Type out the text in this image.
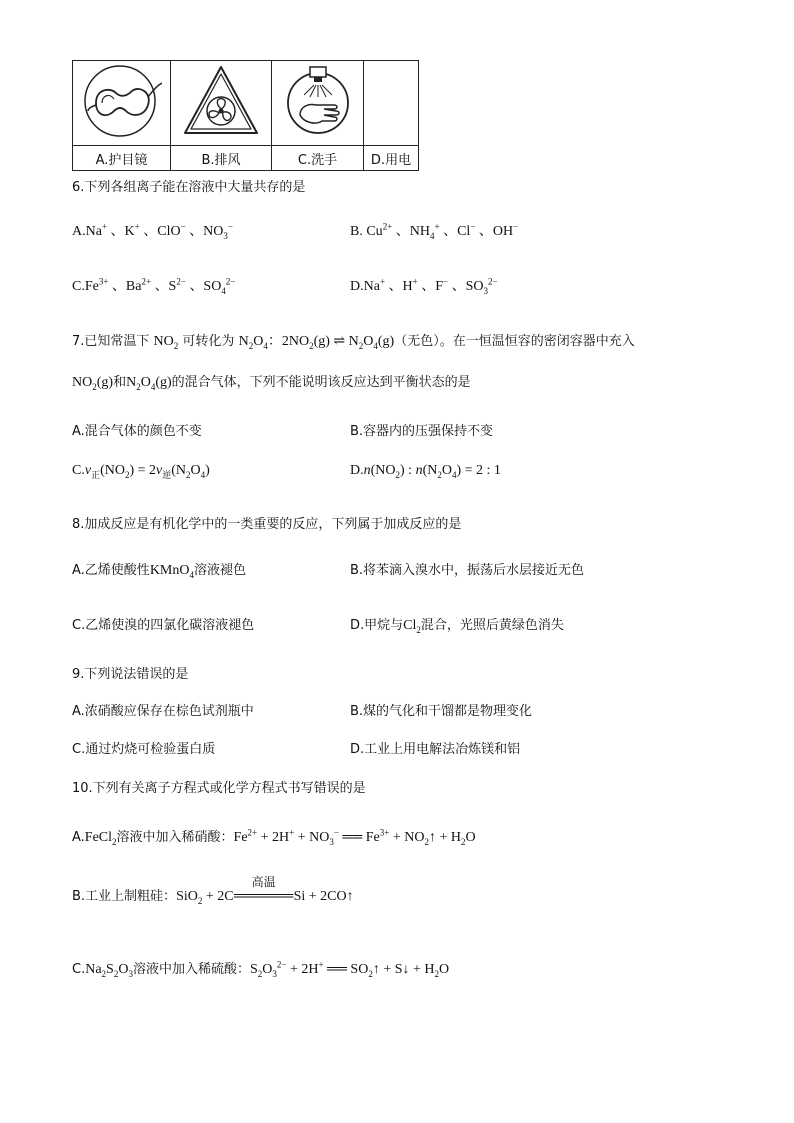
A.护目镜	B.排风	C.洗手	D.用电
6.下列各组离子能在溶液中大量共存的是
A.Na+ 、K+ 、ClO− 、$NO_3^-$	B. $Cu^{2+}$ 、$NH_4^+$ 、Cl− 、OH−
$C.Fe^{3+}$ 、$Ba^{2+}$ 、$S^{2-}$ 、$SO_4^{2-}$	D.Na+ 、H+ 、F− 、$SO_3^{2-}$
7.已知常温下 $NO_2$ 可转化为 $N_2O_4$：$2NO_2(g)$ ⇌ $N_2O_4(g)$（无色）。在一恒温恒容的密闭容器中充入
$NO_2(g)$和$N_2O_4(g)$的混合气体，下列不能说明该反应达到平衡状态的是
A.混合气体的颜色不变	B.容器内的压强保持不变
$C.v_正(NO_2) = 2v_逆(N_2O_4)$	$D.n(NO_2)$ : $n(N_2O_4) = 2$ : 1
8.加成反应是有机化学中的一类重要的反应，下列属于加成反应的是
A.乙烯使酸性KMnO$_4$溶液褪色	B.将苯滴入溴水中，振荡后水层接近无色
C.乙烯使溴的四氯化碳溶液褪色	D.甲烷与$Cl_2$混合，光照后黄绿色消失
9.下列说法错误的是
A.浓硝酸应保存在棕色试剂瓶中	B.煤的气化和干馏都是物理变化
C.通过灼烧可检验蛋白质	D.工业上用电解法冶炼镁和铝
10.下列有关离子方程式或化学方程式书写错误的是
A.FeCl$_2$溶液中加入稀硝酸：$Fe^{2+} + 2H^+ + NO_3^-$ ══ $Fe^{3+}$ + $NO_2↑ + H_2O$
B.工业上制粗硅：SiO$_2$ + 2C
高温
══════Si + 2CO↑
$C.Na_2S_2O_3$溶液中加入稀硫酸：$S_2O_3^{2-} + 2H^+$ ══ $SO_2↑$ + S↓ + $H_2O$
